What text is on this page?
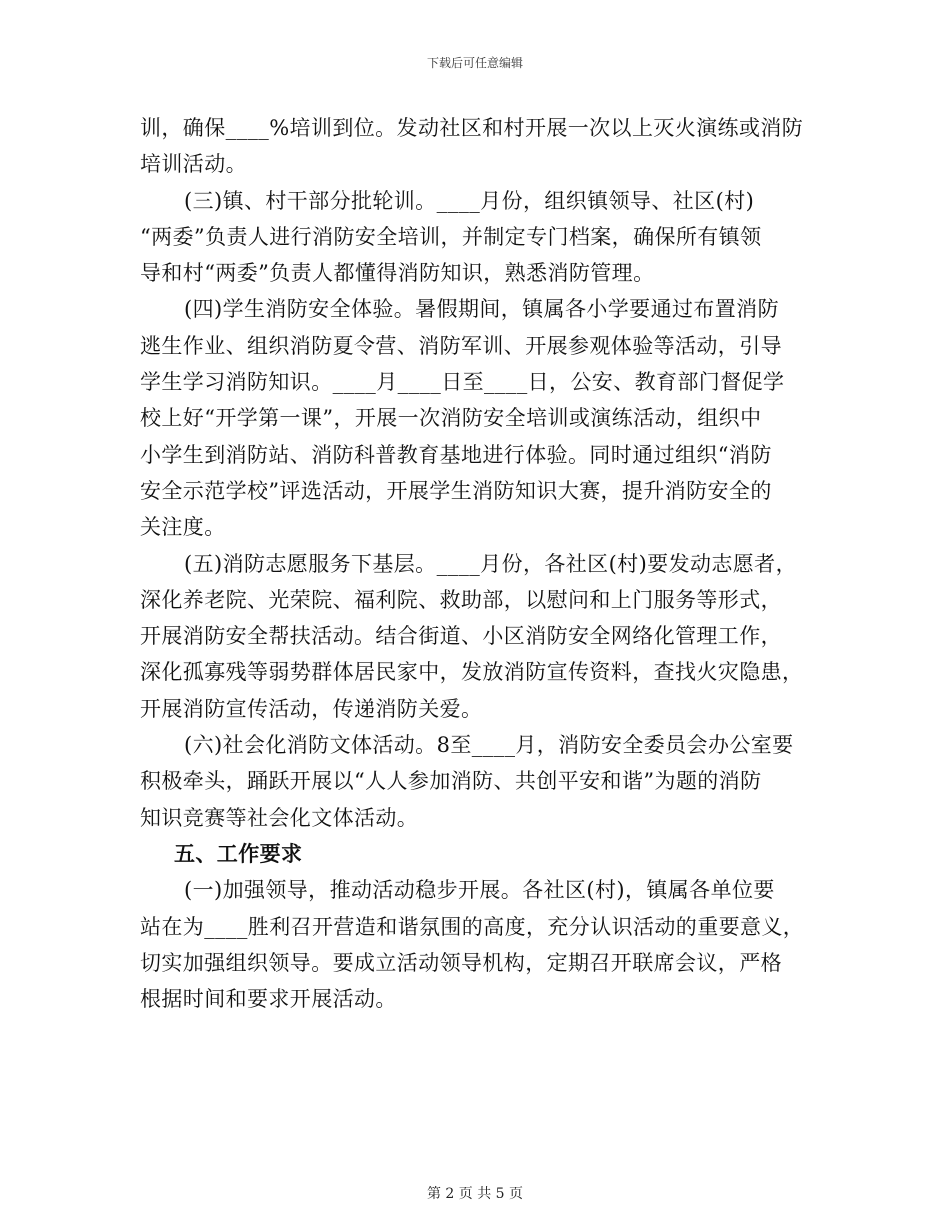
下载后可任意编辑
训，确保____%培训到位。发动社区和村开展一次以上灭火演练或消防
培训活动。
(三)镇、村干部分批轮训。____月份，组织镇领导、社区(村)
“两委”负责人进行消防安全培训，并制定专门档案，确保所有镇领
导和村“两委”负责人都懂得消防知识，熟悉消防管理。
(四)学生消防安全体验。暑假期间，镇属各小学要通过布置消防
逃生作业、组织消防夏令营、消防军训、开展参观体验等活动，引导
学生学习消防知识。____月____日至____日，公安、教育部门督促学
校上好“开学第一课”，开展一次消防安全培训或演练活动，组织中
小学生到消防站、消防科普教育基地进行体验。同时通过组织“消防
安全示范学校”评选活动，开展学生消防知识大赛，提升消防安全的
关注度。
(五)消防志愿服务下基层。____月份，各社区(村)要发动志愿者，
深化养老院、光荣院、福利院、救助部，以慰问和上门服务等形式，
开展消防安全帮扶活动。结合街道、小区消防安全网络化管理工作，
深化孤寡残等弱势群体居民家中，发放消防宣传资料，查找火灾隐患，
开展消防宣传活动，传递消防关爱。
(六)社会化消防文体活动。8至____月，消防安全委员会办公室要
积极牵头，踊跃开展以“人人参加消防、共创平安和谐”为题的消防
知识竞赛等社会化文体活动。
五、工作要求
(一)加强领导，推动活动稳步开展。各社区(村)，镇属各单位要
站在为____胜利召开营造和谐氛围的高度，充分认识活动的重要意义，
切实加强组织领导。要成立活动领导机构，定期召开联席会议，严格
根据时间和要求开展活动。
第 2 页 共 5 页
